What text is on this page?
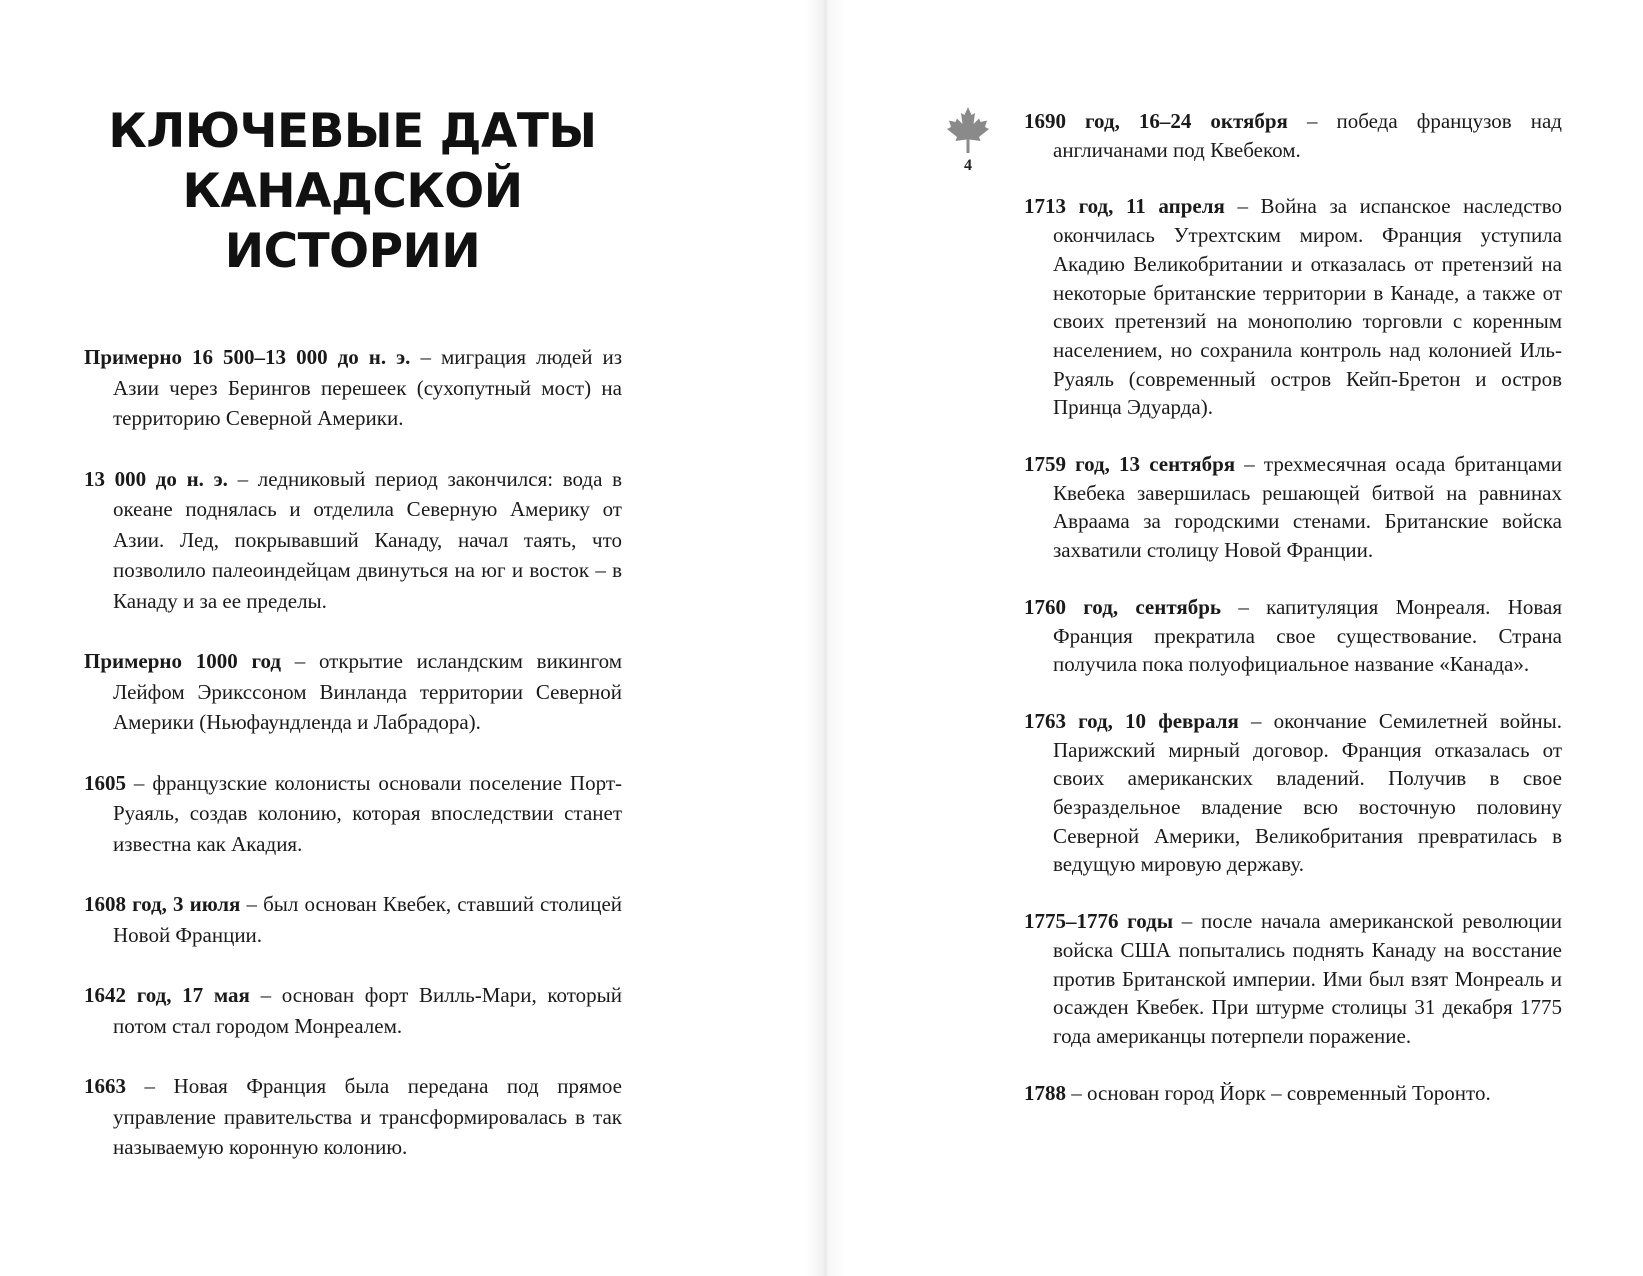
КЛЮЧЕВЫЕ ДАТЫ
КАНАДСКОЙ
ИСТОРИИ

Примерно 16 500–13 000 до н. э. – миграция людей из Азии через Берингов перешеек (сухопутный мост) на территорию Северной Америки.

13 000 до н. э. – ледниковый период закончился: вода в океане поднялась и отделила Северную Америку от Азии. Лед, покрывавший Канаду, начал таять, что позволило палеоиндейцам двинуться на юг и восток – в Канаду и за ее пределы.

Примерно 1000 год – открытие исландским викингом Лейфом Эрикссоном Винланда территории Северной Америки (Ньюфаундленда и Лабрадора).

1605 – французские колонисты основали поселение Порт-Руаяль, создав колонию, которая впоследствии станет известна как Акадия.

1608 год, 3 июля – был основан Квебек, ставший столицей Новой Франции.

1642 год, 17 мая – основан форт Вилль-Мари, который потом стал городом Монреалем.

1663 – Новая Франция была передана под прямое управление правительства и трансформировалась в так называемую коронную колонию.

4

1690 год, 16–24 октября – победа французов над англичанами под Квебеком.

1713 год, 11 апреля – Война за испанское наследство окончилась Утрехтским миром. Франция уступила Акадию Великобритании и отказалась от претензий на некоторые британские территории в Канаде, а также от своих претензий на монополию торговли с коренным населением, но сохранила контроль над колонией Иль-Руаяль (современный остров Кейп-Бретон и остров Принца Эдуарда).

1759 год, 13 сентября – трехмесячная осада британцами Квебека завершилась решающей битвой на равнинах Авраама за городскими стенами. Британские войска захватили столицу Новой Франции.

1760 год, сентябрь – капитуляция Монреаля. Новая Франция прекратила свое существование. Страна получила пока полуофициальное название «Канада».

1763 год, 10 февраля – окончание Семилетней войны. Парижский мирный договор. Франция отказалась от своих американских владений. Получив в свое безраздельное владение всю восточную половину Северной Америки, Великобритания превратилась в ведущую мировую державу.

1775–1776 годы – после начала американской революции войска США попытались поднять Канаду на восстание против Британской империи. Ими был взят Монреаль и осажден Квебек. При штурме столицы 31 декабря 1775 года американцы потерпели поражение.

1788 – основан город Йорк – современный Торонто.
